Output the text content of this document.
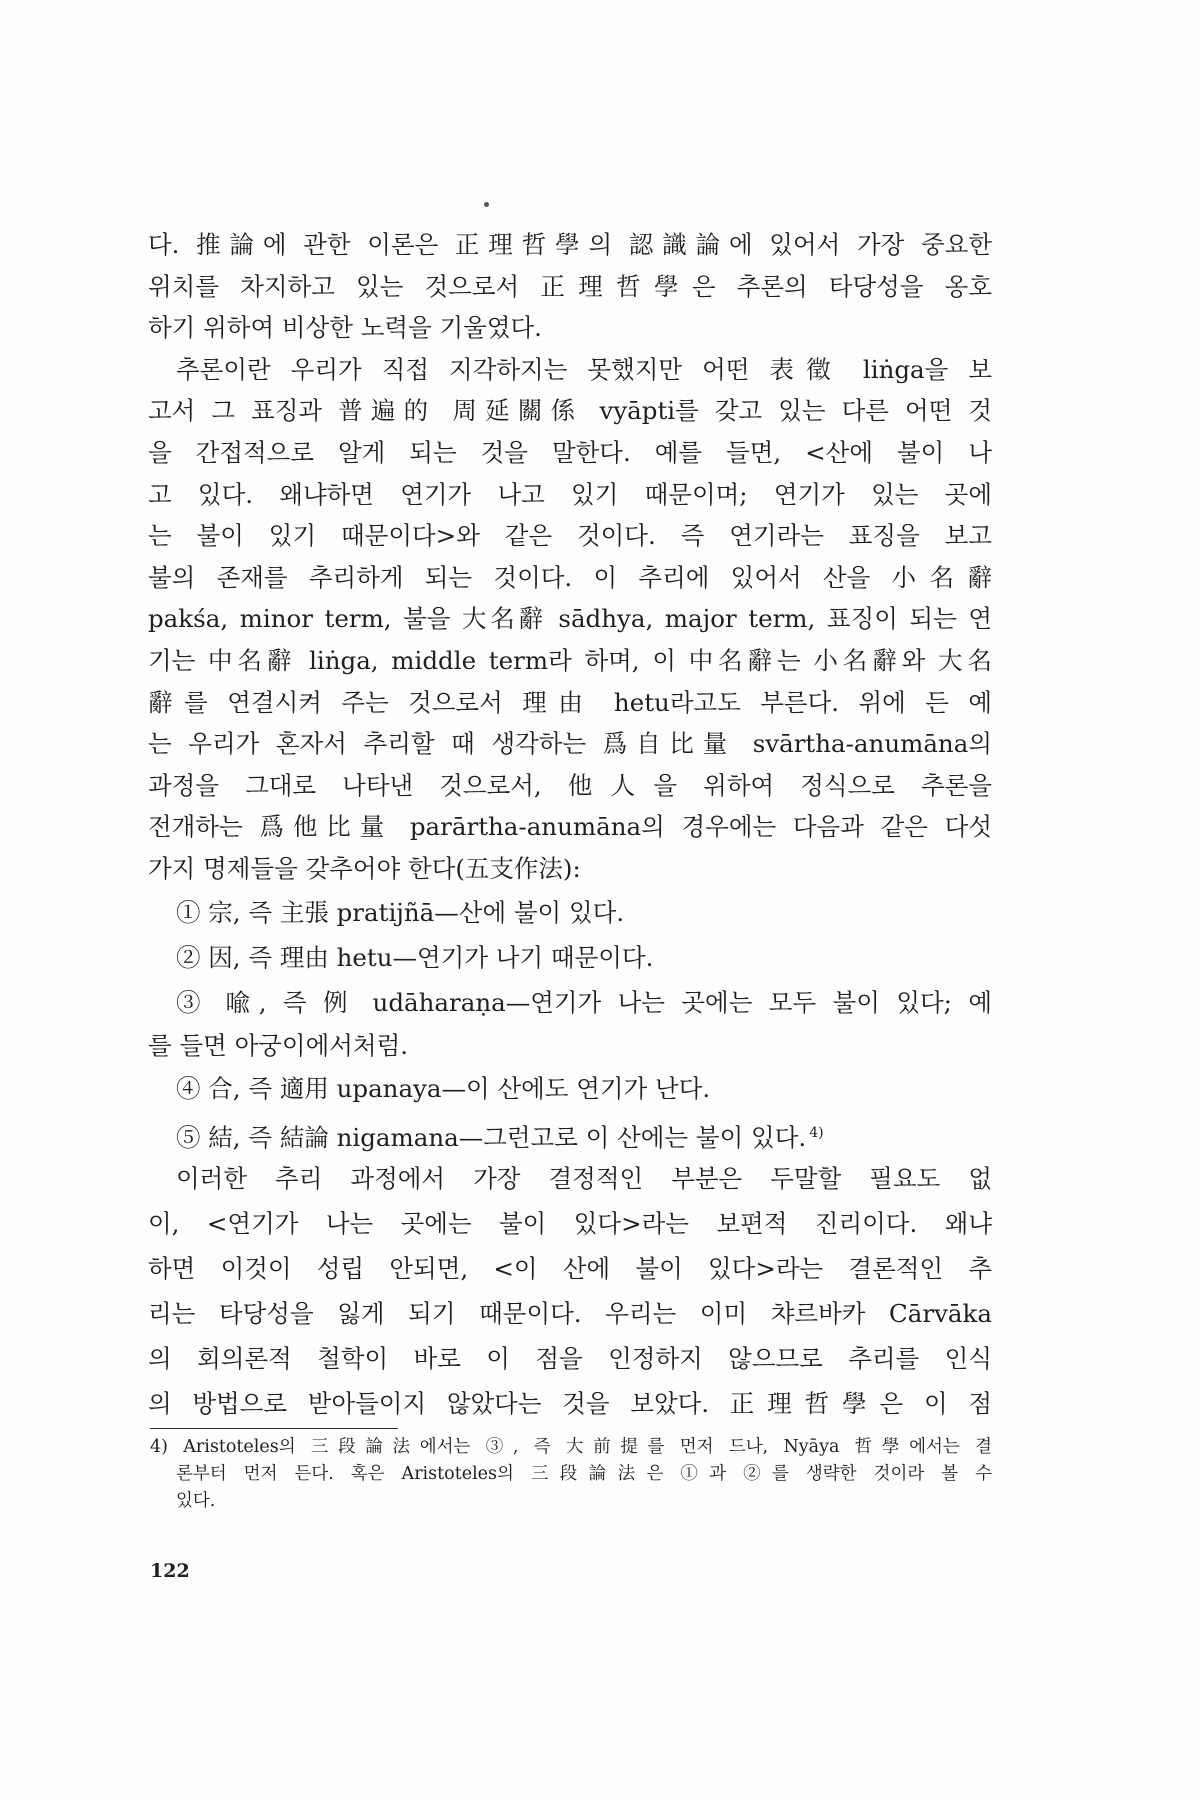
다. 推論에 관한 이론은 正理哲學의 認識論에 있어서 가장 중요한
위치를 차지하고 있는 것으로서 正理哲學은 추론의 타당성을 옹호
하기 위하여 비상한 노력을 기울였다.
추론이란 우리가 직접 지각하지는 못했지만 어떤 表徵 liṅga을 보
고서 그 표징과 普遍的 周延關係 vyāpti를 갖고 있는 다른 어떤 것
을 간접적으로 알게 되는 것을 말한다. 예를 들면, <산에 불이 나
고 있다. 왜냐하면 연기가 나고 있기 때문이며; 연기가 있는 곳에
는 불이 있기 때문이다>와 같은 것이다. 즉 연기라는 표징을 보고
불의 존재를 추리하게 되는 것이다. 이 추리에 있어서 산을 小名辭
pakśa, minor term, 불을 大名辭 sādhya, major term, 표징이 되는 연
기는 中名辭 liṅga, middle term라 하며, 이 中名辭는 小名辭와 大名
辭를 연결시켜 주는 것으로서 理由 hetu라고도 부른다. 위에 든 예
는 우리가 혼자서 추리할 때 생각하는 爲自比量 svārtha-anumāna의
과정을 그대로 나타낸 것으로서, 他人을 위하여 정식으로 추론을
전개하는 爲他比量 parārtha-anumāna의 경우에는 다음과 같은 다섯
가지 명제들을 갖추어야 한다(五支作法):
① 宗, 즉 主張 pratijñā—산에 불이 있다.
② 因, 즉 理由 hetu—연기가 나기 때문이다.
③ 喩, 즉 例 udāharaṇa—연기가 나는 곳에는 모두 불이 있다; 예
를 들면 아궁이에서처럼.
④ 合, 즉 適用 upanaya—이 산에도 연기가 난다.
⑤ 結, 즉 結論 nigamana—그런고로 이 산에는 불이 있다. $^{4)}$
이러한 추리 과정에서 가장 결정적인 부분은 두말할 필요도 없
이, <연기가 나는 곳에는 불이 있다>라는 보편적 진리이다. 왜냐
하면 이것이 성립 안되면, <이 산에 불이 있다>라는 결론적인 추
리는 타당성을 잃게 되기 때문이다. 우리는 이미 챠르바카 Cārvāka
의 회의론적 철학이 바로 이 점을 인정하지 않으므로 추리를 인식
의 방법으로 받아들이지 않았다는 것을 보았다. 正理哲學은 이 점
4) Aristoteles의 三段論法에서는 ③, 즉 大前提를 먼저 드나, Nyāya 哲學에서는 결
론부터 먼저 든다. 혹은 Aristoteles의 三段論法은 ①과 ②를 생략한 것이라 볼 수
있다.
122
